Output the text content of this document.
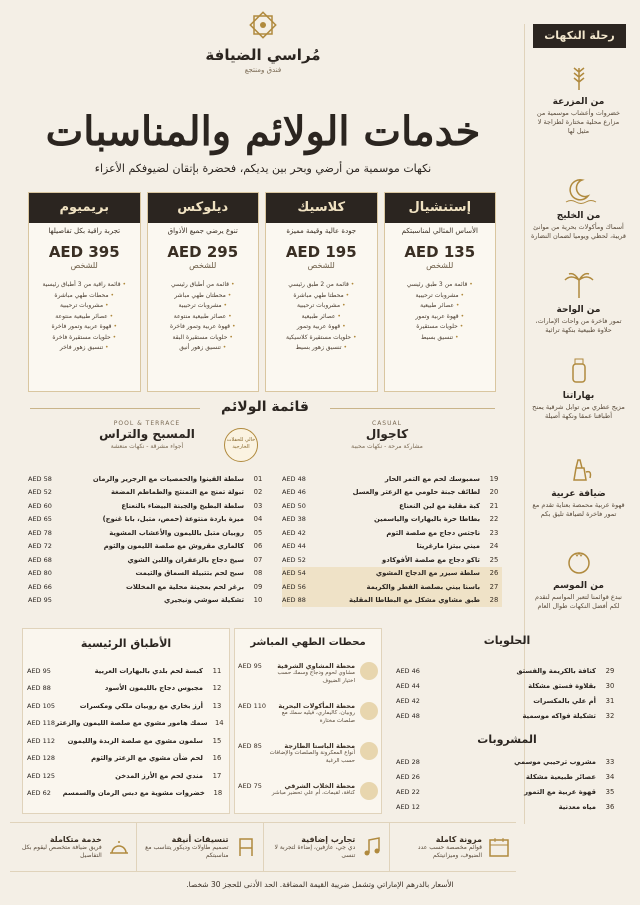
رحلة النكهات
من المزرعة
خضروات وأعشاب موسمية من مزارع محلية مختارة لطزاجة لا مثيل لها
من الخليج
أسماك ومأكولات بحرية من موانئ قريبة، لحظي ويوميا لضمان النضارة
من الواحة
تمور فاخرة من واحات الإمارات، حلاوة طبيعية بنكهة تراثية
بهاراتنا
مزيج عطري من توابل شرقية يمنح أطباقنا عمقا ونكهة أصيلة
ضيافة عربية
قهوة عربية محمصة بعناية تقدم مع تمور فاخرة لضيافة تليق بكم
من الموسم
نبدع قوائمنا لتعبر المواسم لنقدم لكم أفضل النكهات طوال العام
مُراسي الضيافة
فندق ومنتجع
خدمات الولائم والمناسبات
نكهات موسمية من أرضي وبحر بين يديكم، فحضرة بإتقان لضيوفكم الأعزاء
إستنشيال
الأساس المثالي لمناسبتكم
AED 135
للشخص
• قائمة من 3 طبق رئيسي
• مشروبات ترحيبية
• عصائر طبيعية
• قهوة عربية وتمور
• حلويات مستقيرة
• تنسيق بسيط
كلاسيك
جودة عالية وقيمة مميزة
AED 195
للشخص
• قائمة من 2 طبق رئيسي
• محطتا طهي مباشرة
• مشروبات ترحيبية
• عصائر طبيعية
• قهوة عربية وتمور
• حلويات مستقيرة كلاسيكية
• تنسيق زهور بسيط
ديلوكس
تنوع يرضي جميع الأذواق
AED 295
للشخص
• قائمة من أطباق رئيسي
• محطتان طهي مباشر
• مشروبات ترحيبية
• عصائر طبيعية منتوعة
• قهوة عربية وتمور فاخرة
• حلويات مستقيرة البقة
• تنسيق زهور أنيق
بريميوم
تجربة راقية بكل تفاصيلها
AED 395
للشخص
• قائمة راقية من 3 أطباق رئيسية
• محطات طهي مباشرة
• مشروبات ترحيبية
• عصائر طبيعية منتوعة
• قهوة عربية وتمور فاخرة
• حلويات مستقيرة فاخرة
• تنسيق زهور فاخر
قائمة الولائم
POOL & TERRACE
المسبح والتراس
أجواء مشرقة - نكهات منعشة
خالي للحفلات الخارجية
01
سلطة الفينوا والحمصيات مع الرجرير والرمان
AED 58
02
تبولة تمنج مع التمنتج والطماطم المضغة
AED 52
03
سلطة البطيخ والجبنة البيضاء بالنعناع
AED 60
04
ميزة باردة منتوعة (حمص، متبل، بابا غنوج)
AED 65
05
روبيان متبل بالليمون والأعشاب المشوية
AED 78
06
كالماري مقروش مع صلصة الليمون والثوم
AED 72
07
سيخ دجاج بالزعفران واللبن الشوي
AED 68
08
سبح لحم بتتبيلة السماق والثيمت
AED 80
09
برغر لحم بعجينة محلية مع المخللات
AED 66
10
تشكيلة سوشي ونيجيري
AED 95
CASUAL
كاجوال
مشاركة مرحة - نكهات محببة
19
سمبوسك لحم مع التمر الحار
AED 48
20
لطائف جبنة حلومي مع الزعتر والعسل
AED 46
21
كبة مقلية مع لبن النعناع
AED 50
22
بطاطا حرة بالبهارات والياسمين
AED 38
23
ناجتس دجاج مع صلصة الثوم
AED 42
24
ميني بيتزا مارغريتا
AED 44
25
تاكو دجاج مع صلصة الأفوكادو
AED 52
26
سلطة سيزر مع الدجاج المشوي
AED 54
27
باسنا بيني بصلصة الفطر والكريمة
AED 56
28
طبق مشاوي مشكل مع البطاطا المقلية
AED 88
الأطباق الرئيسية
11
كبسة لحم بلدي بالبهارات العربية
AED 95
12
مجبوس دجاج بالليمون الأسود
AED 88
13
أرز بخاري مع روبيان ملكي ومكسرات
AED 105
14
سمك هامور مشوي مع صلصة الليمون والزعتر
AED 118
15
سلمون مشوي مع صلصة الزبدة والليمون
AED 112
16
لحم ضأن مشوي مع الزعتر والثوم
AED 128
17
مندي لحم مع الأرز المدخن
AED 125
18
خضروات مشوية مع دبس الرمان والسمسم
AED 62
محطات الطهي المباشر
محطة المشاوي الشرقية
مشاوي لحوم ودجاج وسمك حسب اختيار الضيوف
AED 95
محطة المأكولات البحرية
روبيان، كاليماري، فيليه سمك مع صلصات مختارة
AED 110
محطة الباستا الطازجة
أنواع المعكرونة والصلصات والإضافات حسب الرغبة
AED 85
محطة الخلاب الشرقي
كنافة، لقيمات، أم علي تحضير مباشر
AED 75
الحلويات
29
كنافة بالكريمة والفستق
AED 46
30
بقلاوة فستق مشكلة
AED 44
31
أم علي بالمكسرات
AED 42
32
تشكيلة فواكه موسمية
AED 48
المشروبات
33
مشروب ترحيبي موسمي
AED 28
34
عصائر طبيعية مشكلة
AED 26
35
قهوة عربية مع التمور
AED 22
36
مياه معدنية
AED 12
مرونة كاملة
قوائم مخصصة حسب عدد الضيوف، وميزانيتكم
تجارب إضافية
دي جي، عازفين، إضاءة لتجربة لا تنسى
تنسيقات أنيقة
تصميم طاولات وديكور يتناسب مع مناسبتكم
خدمة متكاملة
فريق ضيافة متخصص ليقوم بكل التفاصيل
الأسعار بالدرهم الإماراتي وتشمل ضريبة القيمة المضافة. الحد الأدنى للحجز 30 شخصا.
